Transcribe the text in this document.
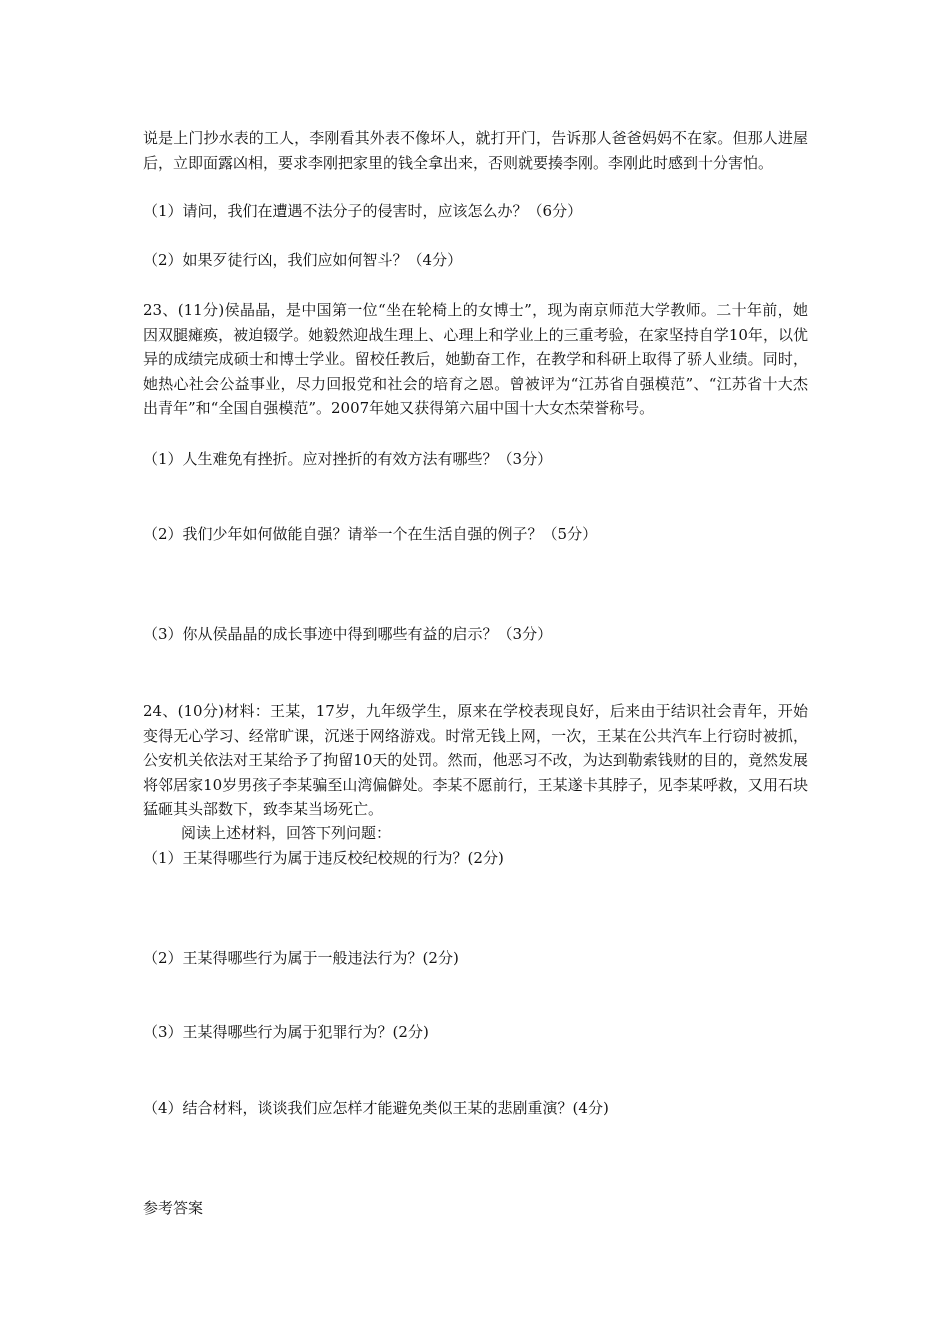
说是上门抄水表的工人，李刚看其外表不像坏人，就打开门，告诉那人爸爸妈妈不在家。但那人进屋后，立即面露凶相，要求李刚把家里的钱全拿出来，否则就要揍李刚。李刚此时感到十分害怕。

（1）请问，我们在遭遇不法分子的侵害时，应该怎么办？（6分）

（2）如果歹徒行凶，我们应如何智斗？（4分）

23、(11分)侯晶晶，是中国第一位“坐在轮椅上的女博士”，现为南京师范大学教师。二十年前，她因双腿瘫痪，被迫辍学。她毅然迎战生理上、心理上和学业上的三重考验，在家坚持自学10年，以优异的成绩完成硕士和博士学业。留校任教后，她勤奋工作，在教学和科研上取得了骄人业绩。同时，她热心社会公益事业，尽力回报党和社会的培育之恩。曾被评为“江苏省自强模范”、“江苏省十大杰出青年”和“全国自强模范”。2007年她又获得第六届中国十大女杰荣誉称号。

（1）人生难免有挫折。应对挫折的有效方法有哪些？（3分）

（2）我们少年如何做能自强？请举一个在生活自强的例子？（5分）

（3）你从侯晶晶的成长事迹中得到哪些有益的启示？（3分）

24、(10分)材料：王某，17岁，九年级学生，原来在学校表现良好，后来由于结识社会青年，开始变得无心学习、经常旷课，沉迷于网络游戏。时常无钱上网，一次，王某在公共汽车上行窃时被抓，公安机关依法对王某给予了拘留10天的处罚。然而，他恶习不改，为达到勒索钱财的目的，竟然发展将邻居家10岁男孩子李某骗至山湾偏僻处。李某不愿前行，王某遂卡其脖子，见李某呼救，又用石块猛砸其头部数下，致李某当场死亡。

阅读上述材料，回答下列问题：

（1）王某得哪些行为属于违反校纪校规的行为？(2分)

（2）王某得哪些行为属于一般违法行为？(2分)

（3）王某得哪些行为属于犯罪行为？(2分)

（4）结合材料，谈谈我们应怎样才能避免类似王某的悲剧重演？(4分)

参考答案
